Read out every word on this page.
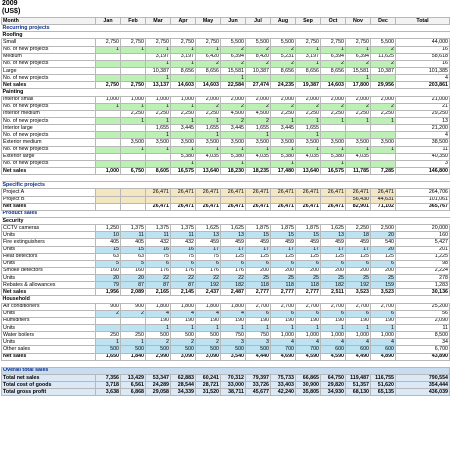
2009
(US$)
Month	Jan	Feb	Mar	Apr	May	Jun	Jul	Aug	Sep	Oct	Nov	Dec	Total
Recurring projects													
Roofing													
Small	2,750	2,750	2,750	2,750	2,750	5,500	5,500	5,500	2,750	2,750	2,750	5,500	44,000
No. of new projects	1	1	1	1	1	2	2	2	1	1	1	2	16
Medium			3,197	3,197	6,420	6,394	8,420	5,231	3,197	6,394	6,394	11,625	58,618
No. of new projects			1	1	2	2	2	2	1	2	2	2	16
Large			10,387	8,656	8,656	15,581	10,387	8,656	8,656	8,656	15,581	10,387	101,385
No. of new projects			1			1					1		4
Net sales	2,750	2,750	13,137	14,603	14,603	22,584	27,474	24,235	19,387	14,603	17,800	29,956	203,861
Painting													
Interior small	1,000	1,000	1,000	1,000	2,000	2,000	2,000	2,000	2,000	2,000	2,000	2,000	21,000
No. of new projects	1	1	1	1	2	2	2	2	2	2	2	2	21
Interior medium		2,250	2,250	2,250	2,250	4,500	4,500	2,250	2,250	2,250	2,250	2,250	29,250
No. of new projects		1	1	1	1	2	2	1	1	1	1	1	13
Interior large			1,655	3,445	1,655	3,445	1,655	3,445	1,655				21,200
No. of new projects			1		1		1		1				4
Exterior medium		3,500	3,500	3,500	3,500	3,500	3,500	3,500	3,500	3,500	3,500	3,500	38,500
No. of new projects		1	1	1	1	1	1	1	1	1	1	1	11
Exterior large				5,380	4,035	5,380	4,035	5,380	4,035	5,380	4,035		40,350
No. of new projects				1		1		1		1			3
Net sales	1,000	6,750	8,605	16,575	13,640	18,230	18,235	17,480	13,640	16,575	11,785	7,285	146,800

Specific projects													
Project A			26,471	26,471	26,471	26,471	26,471	26,471	26,471	26,471	26,471	26,471	264,706
Project B											56,430	44,631	101,061
Net sales			26,471	26,471	26,471	26,471	26,471	26,471	26,471	26,471	82,901	71,102	365,767
Product sales													
Security													
CCTV cameras	1,250	1,375	1,375	1,375	1,625	1,625	1,875	1,875	1,875	1,625	2,250	2,500	20,000
Units	10	11	11	11	13	13	15	15	15	13	18	20	160
Fire extinguishers	405	405	432	432	459	459	459	459	459	459	459	540	5,427
Units	15	15	16	16	17	17	17	17	17	17	17	20	201
Heat detectors	63	63	75	75	75	125	125	125	125	125	125	125	1,225
Units	5	5	6	6	6	6	6	6	6	6	6	6	98
Smoke detectors	160	160	176	176	176	176	200	200	200	200	200	200	2,224
Units	20	20	22	22	22	22	25	25	25	25	25	25	278
Rebates & allowances	79	87	87	87	192	182	118	118	118	182	192	159	1,283
Net sales	1,956	2,089	2,165	2,145	2,437	2,487	2,777	2,777	2,777	2,511	3,523	3,523	30,136
Household													
Air conditioners	900	900	1,800	1,800	1,800	1,800	2,700	2,700	2,700	2,700	2,700	2,700	25,200
Units	2	2	4	4	4	4	6	6	6	6	6	6	56
Humidifiers			190	190	190	190	190	190	190	190	190	190	2,090
Units			1	1	1	1	1	1	1	1	1	1	11
Water boilers	250	250	500	500	500	750	750	1,000	1,000	1,000	1,000	1,000	8,500
Units	1	1	2	2	2	3	3	4	4	4	4	4	34
Other sales	500	500	500	500	500	500	500	700	700	600	600	600	6,700
Net sales	1,650	1,840	2,990	3,090	3,090	3,540	4,440	4,690	4,590	4,590	4,490	4,890	43,890

Overall total sales													
Total net sales	7,356	13,429	53,347	62,883	60,241	70,312	79,397	75,733	66,865	64,750	119,487	116,755	790,554
Total cost of goods	3,718	6,561	24,289	28,544	28,721	33,000	33,726	33,403	30,900	29,820	51,357	51,620	354,444
Total gross profit	3,638	6,868	29,058	34,339	31,520	38,711	45,677	42,240	35,805	34,930	68,130	65,135	436,039
